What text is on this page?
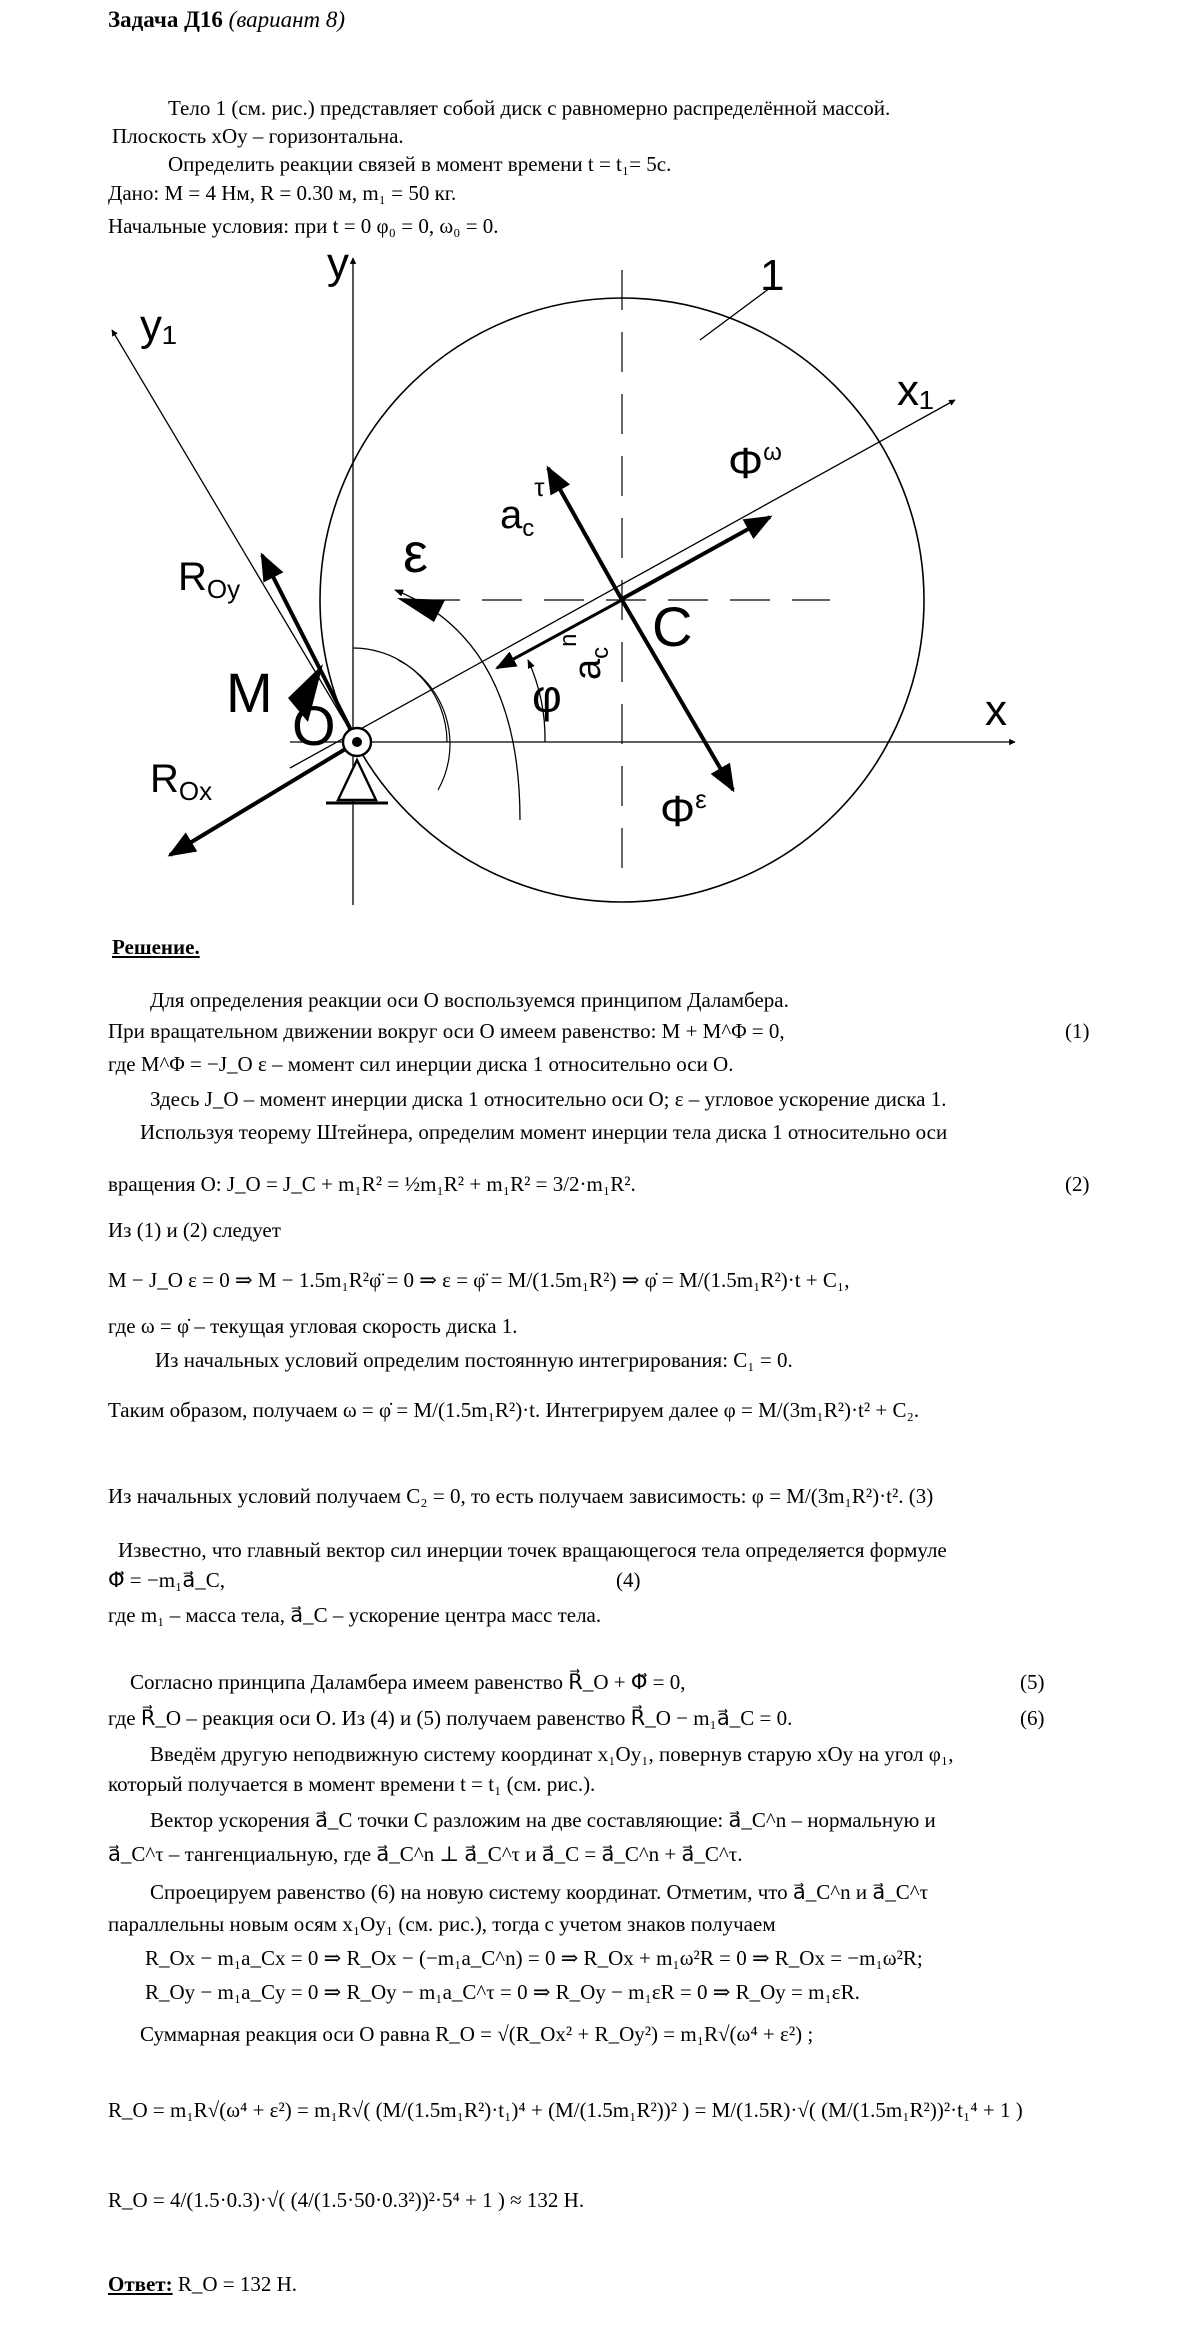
Задача Д16 (вариант 8)
Тело 1 (см. рис.) представляет собой диск с равномерно распределённой массой.
Плоскость xOy – горизонтальна.
Определить реакции связей в момент времени t = t₁= 5c.
Дано: M = 4 Нм, R = 0.30 м, m₁ = 50 кг.
Начальные условия: при t = 0 φ₀ = 0, ω₀ = 0.
y
y₁
x
x₁
1
$\Phi^\omega$
$a_c^\tau$
$R_{Oy}$
ε
C
$a_c^n$
φ
M
O
$R_{Ox}$	$\Phi^\varepsilon$
Решение.
Для определения реакции оси O воспользуемся принципом Даламбера.
При вращательном движении вокруг оси O имеем равенство: M + M^Φ = 0,	(1)
где M^Φ = −J_O ε – момент сил инерции диска 1 относительно оси O.
Здесь J_O – момент инерции диска 1 относительно оси O; ε – угловое ускорение диска 1.
Используя теорему Штейнера, определим момент инерции тела диска 1 относительно оси
вращения O: J_O = J_C + m₁R² = ½m₁R² + m₁R² = 3/2·m₁R².	(2)
Из (1) и (2) следует
M − J_O ε = 0 ⇒ M − 1.5m₁R²φ̈ = 0 ⇒ ε = φ̈ = M/(1.5m₁R²) ⇒ φ̇ = M/(1.5m₁R²)·t + C₁,
где ω = φ̇ – текущая угловая скорость диска 1.
Из начальных условий определим постоянную интегрирования: C₁ = 0.
Таким образом, получаем ω = φ̇ = M/(1.5m₁R²)·t. Интегрируем далее φ = M/(3m₁R²)·t² + C₂.
Из начальных условий получаем C₂ = 0, то есть получаем зависимость: φ = M/(3m₁R²)·t². (3)
Известно, что главный вектор сил инерции точек вращающегося тела определяется формуле
Φ⃗ = −m₁a⃗_C,	(4)
где m₁ – масса тела, a⃗_C – ускорение центра масс тела.
Согласно принципа Даламбера имеем равенство R⃗_O + Φ⃗ = 0,	(5)
где R⃗_O – реакция оси O. Из (4) и (5) получаем равенство R⃗_O − m₁a⃗_C = 0.	(6)
Введём другую неподвижную систему координат x₁Oy₁, повернув старую xOy на угол φ₁,
который получается в момент времени t = t₁ (см. рис.).
Вектор ускорения a⃗_C точки C разложим на две составляющие: a⃗_C^n – нормальную и
a⃗_C^τ – тангенциальную, где a⃗_C^n ⊥ a⃗_C^τ и a⃗_C = a⃗_C^n + a⃗_C^τ.
Спроецируем равенство (6) на новую систему координат. Отметим, что a⃗_C^n и a⃗_C^τ
параллельны новым осям x₁Oy₁ (см. рис.), тогда с учетом знаков получаем
R_Ox − m₁a_Cx = 0 ⇒ R_Ox − (−m₁a_C^n) = 0 ⇒ R_Ox + m₁ω²R = 0 ⇒ R_Ox = −m₁ω²R;
R_Oy − m₁a_Cy = 0 ⇒ R_Oy − m₁a_C^τ = 0 ⇒ R_Oy − m₁εR = 0 ⇒ R_Oy = m₁εR.
Суммарная реакция оси O равна R_O = √(R_Ox² + R_Oy²) = m₁R√(ω⁴ + ε²) ;
R_O = m₁R√(ω⁴ + ε²) = m₁R√( (M/(1.5m₁R²)·t₁)⁴ + (M/(1.5m₁R²))² ) = M/(1.5R)·√( (M/(1.5m₁R²))²·t₁⁴ + 1 )
R_O = 4/(1.5·0.3)·√( (4/(1.5·50·0.3²))²·5⁴ + 1 ) ≈ 132 H.
Ответ: R_O = 132 H.
